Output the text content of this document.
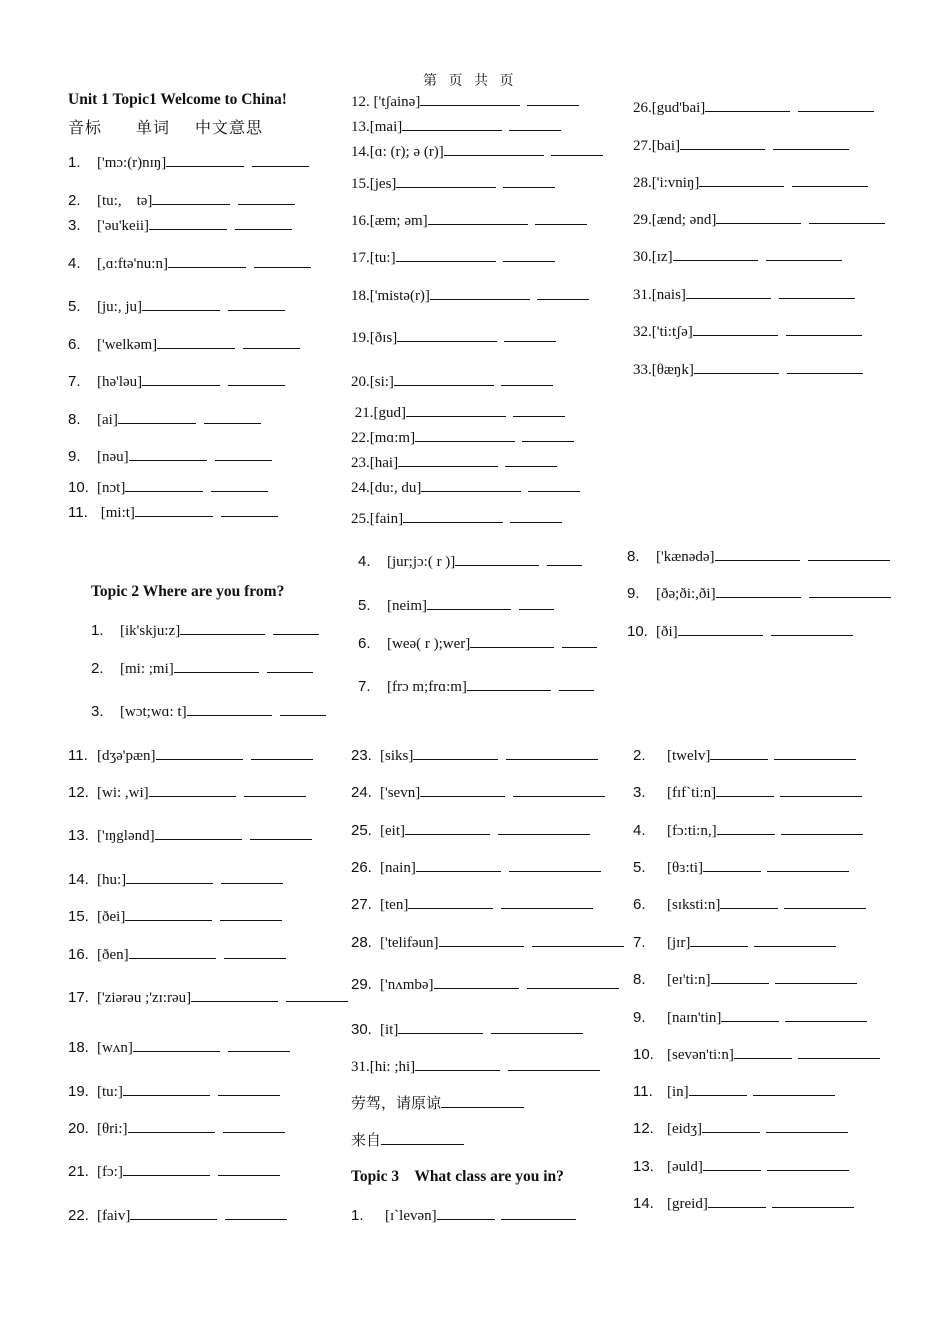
第 页 共 页
Unit 1 Topic1 Welcome to China!
音标 单词 中文意思
Topic 2 Where are you from?
Topic 3    What class are you in?
1. ['mɔ:(r)nɪŋ]
2. [tu:,    tə]
3. ['əu'keii]
4. [,ɑ:ftə'nu:n]
5. [ju:, ju]
6. ['welkəm]
7. [hə'ləu]
8. [ai]
9. [nəu]
10. [nɔt]
11. [mi:t]
12. ['tʃainə]
13.[mai]
14.[ɑ: (r); ə (r)]
15.[jes]
16.[æm; əm]
17.[tu:]
18.['mistə(r)]
19.[ðɪs]
20.[si:]
21.[gud]
22.[mɑ:m]
23.[hai]
24.[du:, du]
25.[fain]
26.[gud'bai]
27.[bai]
28.['i:vniŋ]
29.[ænd; ənd]
30.[ɪz]
31.[nais]
32.['ti:tʃə]
33.[θæŋk]
1. [ik'skju:z]
2. [mi: ;mi]
3. [wɔt;wɑ: t]
4. [jur;jɔ:( r )]
5. [neim]
6. [weə( r );wer]
7. [frɔ m;frɑ:m]
8. ['kænədə]
9. [ðə;ði:,ði]
10. [ði]
11. [dʒə'pæn]
12. [wi: ,wi]
13. ['ɪŋglənd]
14. [hu:]
15. [ðei]
16. [ðen]
17. ['ziərəu ;'zɪ:rəu]
18. [wʌn]
19. [tu:]
20. [θri:]
21. [fɔ:]
22. [faiv]
23. [siks]
24. ['sevn]
25. [eit]
26. [nain]
27. [ten]
28. ['telifəun]
29. ['nʌmbə]
30. [it]
31.[hi: ;hi]
劳驾，请原谅
来自
1. [ɪ`levən]
2. [twelv]
3. [fɪf`ti:n]
4. [fɔ:ti:n,]
5. [θɜ:ti]
6. [sɪksti:n]
7. [jɪr]
8. [eɪ'ti:n]
9. [naɪn'tin]
10. [sevən'ti:n]
11. [in]
12. [eidʒ]
13. [əuld]
14. [greid]
